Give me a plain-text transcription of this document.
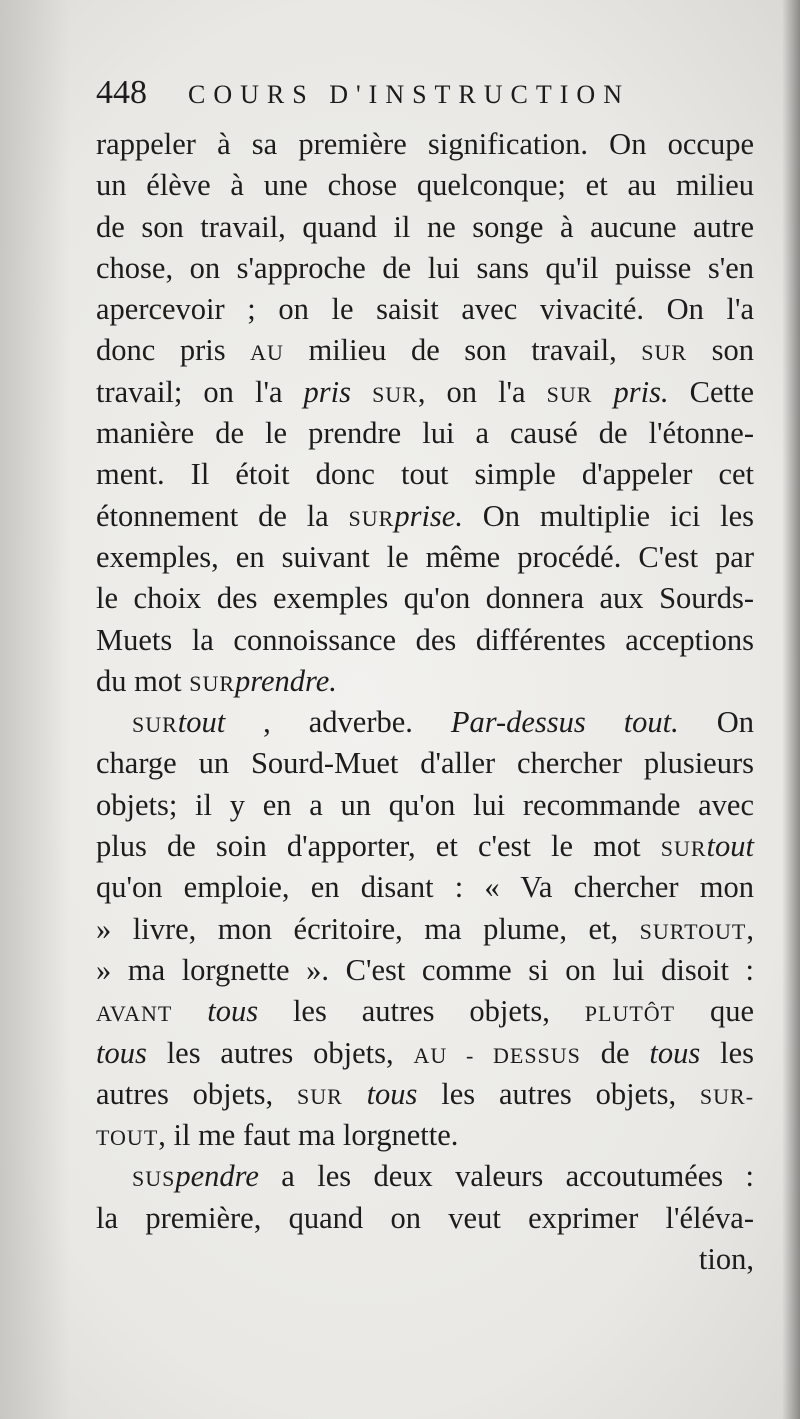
448 COURS D'INSTRUCTION
rappeler à sa première signification. On occupe
un élève à une chose quelconque; et au milieu
de son travail, quand il ne songe à aucune autre
chose, on s'approche de lui sans qu'il puisse s'en
apercevoir ; on le saisit avec vivacité. On l'a
donc pris AU milieu de son travail, SUR son
travail; on l'a pris SUR, on l'a SUR pris. Cette
manière de le prendre lui a causé de l'étonne-
ment. Il étoit donc tout simple d'appeler cet
étonnement de la SURprise. On multiplie ici les
exemples, en suivant le même procédé. C'est par
le choix des exemples qu'on donnera aux Sourds-
Muets la connoissance des différentes acceptions
du mot SURprendre.
SURtout , adverbe. Par-dessus tout. On
charge un Sourd-Muet d'aller chercher plusieurs
objets; il y en a un qu'on lui recommande avec
plus de soin d'apporter, et c'est le mot SURtout
qu'on emploie, en disant : « Va chercher mon
» livre, mon écritoire, ma plume, et, SURTOUT,
» ma lorgnette ». C'est comme si on lui disoit :
AVANT tous les autres objets, PLUTÔT que
tous les autres objets, AU - DESSUS de tous les
autres objets, SUR tous les autres objets, SUR-
TOUT, il me faut ma lorgnette.
SUSpendre a les deux valeurs accoutumées :
la première, quand on veut exprimer l'éléva-
tion,
